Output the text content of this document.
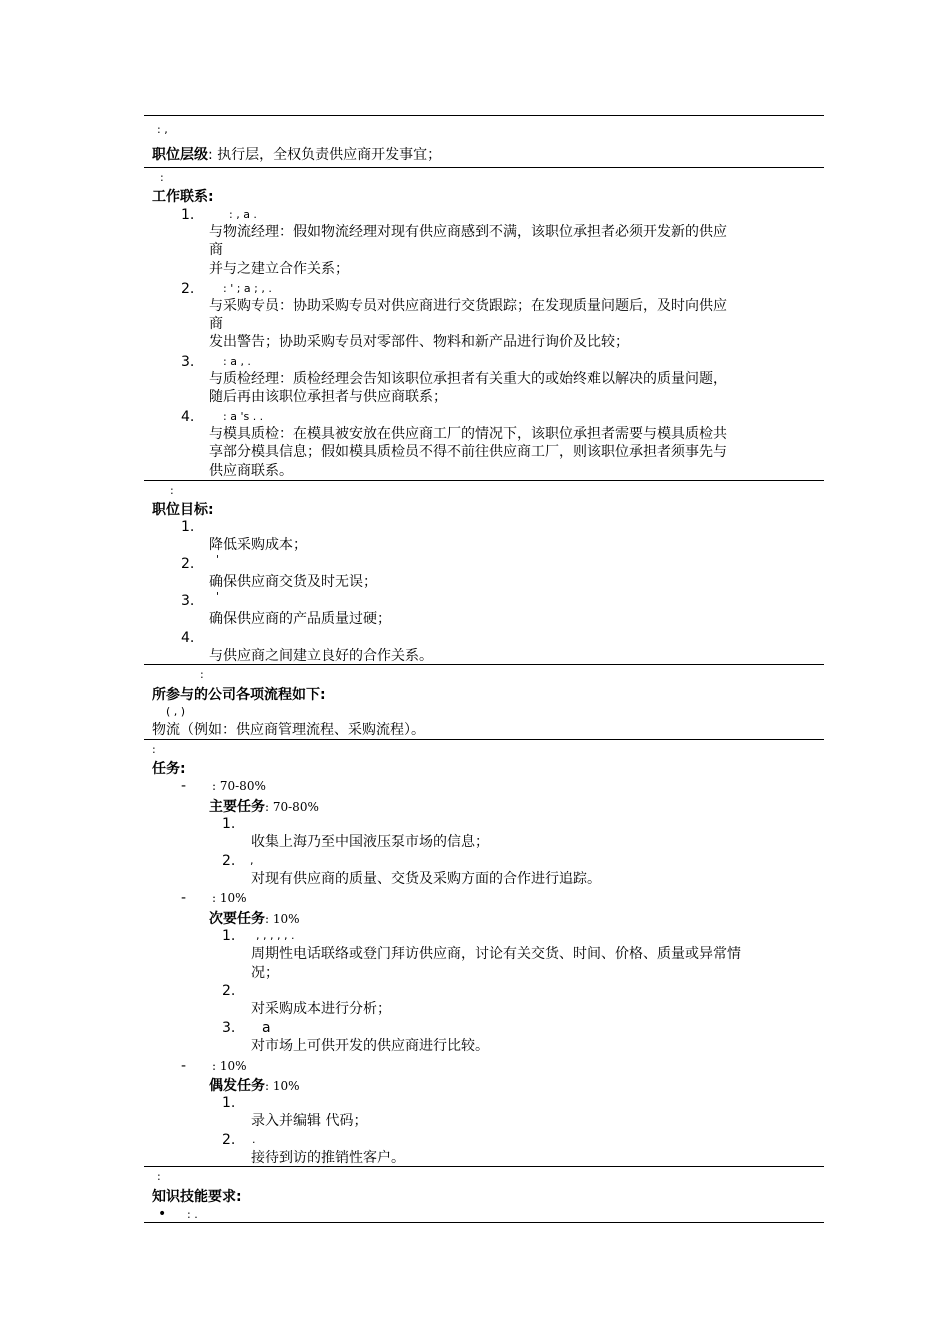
: ,
职位层级: 执行层，全权负责供应商开发事宜；
:
工作联系:
1.	: , a .
与物流经理：假如物流经理对现有供应商感到不满，该职位承担者必须开发新的供应
商
并与之建立合作关系；
2.	: ' ; a ; , .
与采购专员：协助采购专员对供应商进行交货跟踪；在发现质量问题后，及时向供应
商
发出警告；协助采购专员对零部件、物料和新产品进行询价及比较；
3.	: a , .
与质检经理：质检经理会告知该职位承担者有关重大的或始终难以解决的质量问题，
随后再由该职位承担者与供应商联系；
4.	: a 's . .
与模具质检：在模具被安放在供应商工厂的情况下，该职位承担者需要与模具质检共
享部分模具信息；假如模具质检员不得不前往供应商工厂，则该职位承担者须事先与
供应商联系。
:
职位目标:
1.
降低采购成本；
2. '
确保供应商交货及时无误；
3. '
确保供应商的产品质量过硬；
4.
与供应商之间建立良好的合作关系。
:
所参与的公司各项流程如下:
( , )
物流（例如：供应商管理流程、采购流程）。
:
任务:
- : 70-80%
主要任务: 70-80%
1.
收集上海乃至中国液压泵市场的信息；
2. ,
对现有供应商的质量、交货及采购方面的合作进行追踪。
- : 10%
次要任务: 10%
1. , , , , , .
周期性电话联络或登门拜访供应商，讨论有关交货、时间、价格、质量或异常情
况；
2.
对采购成本进行分析；
3. a
对市场上可供开发的供应商进行比较。
- : 10%
偶发任务: 10%
1.
录入并编辑 代码；
2. .
接待到访的推销性客户。
:
知识技能要求:
• : .
